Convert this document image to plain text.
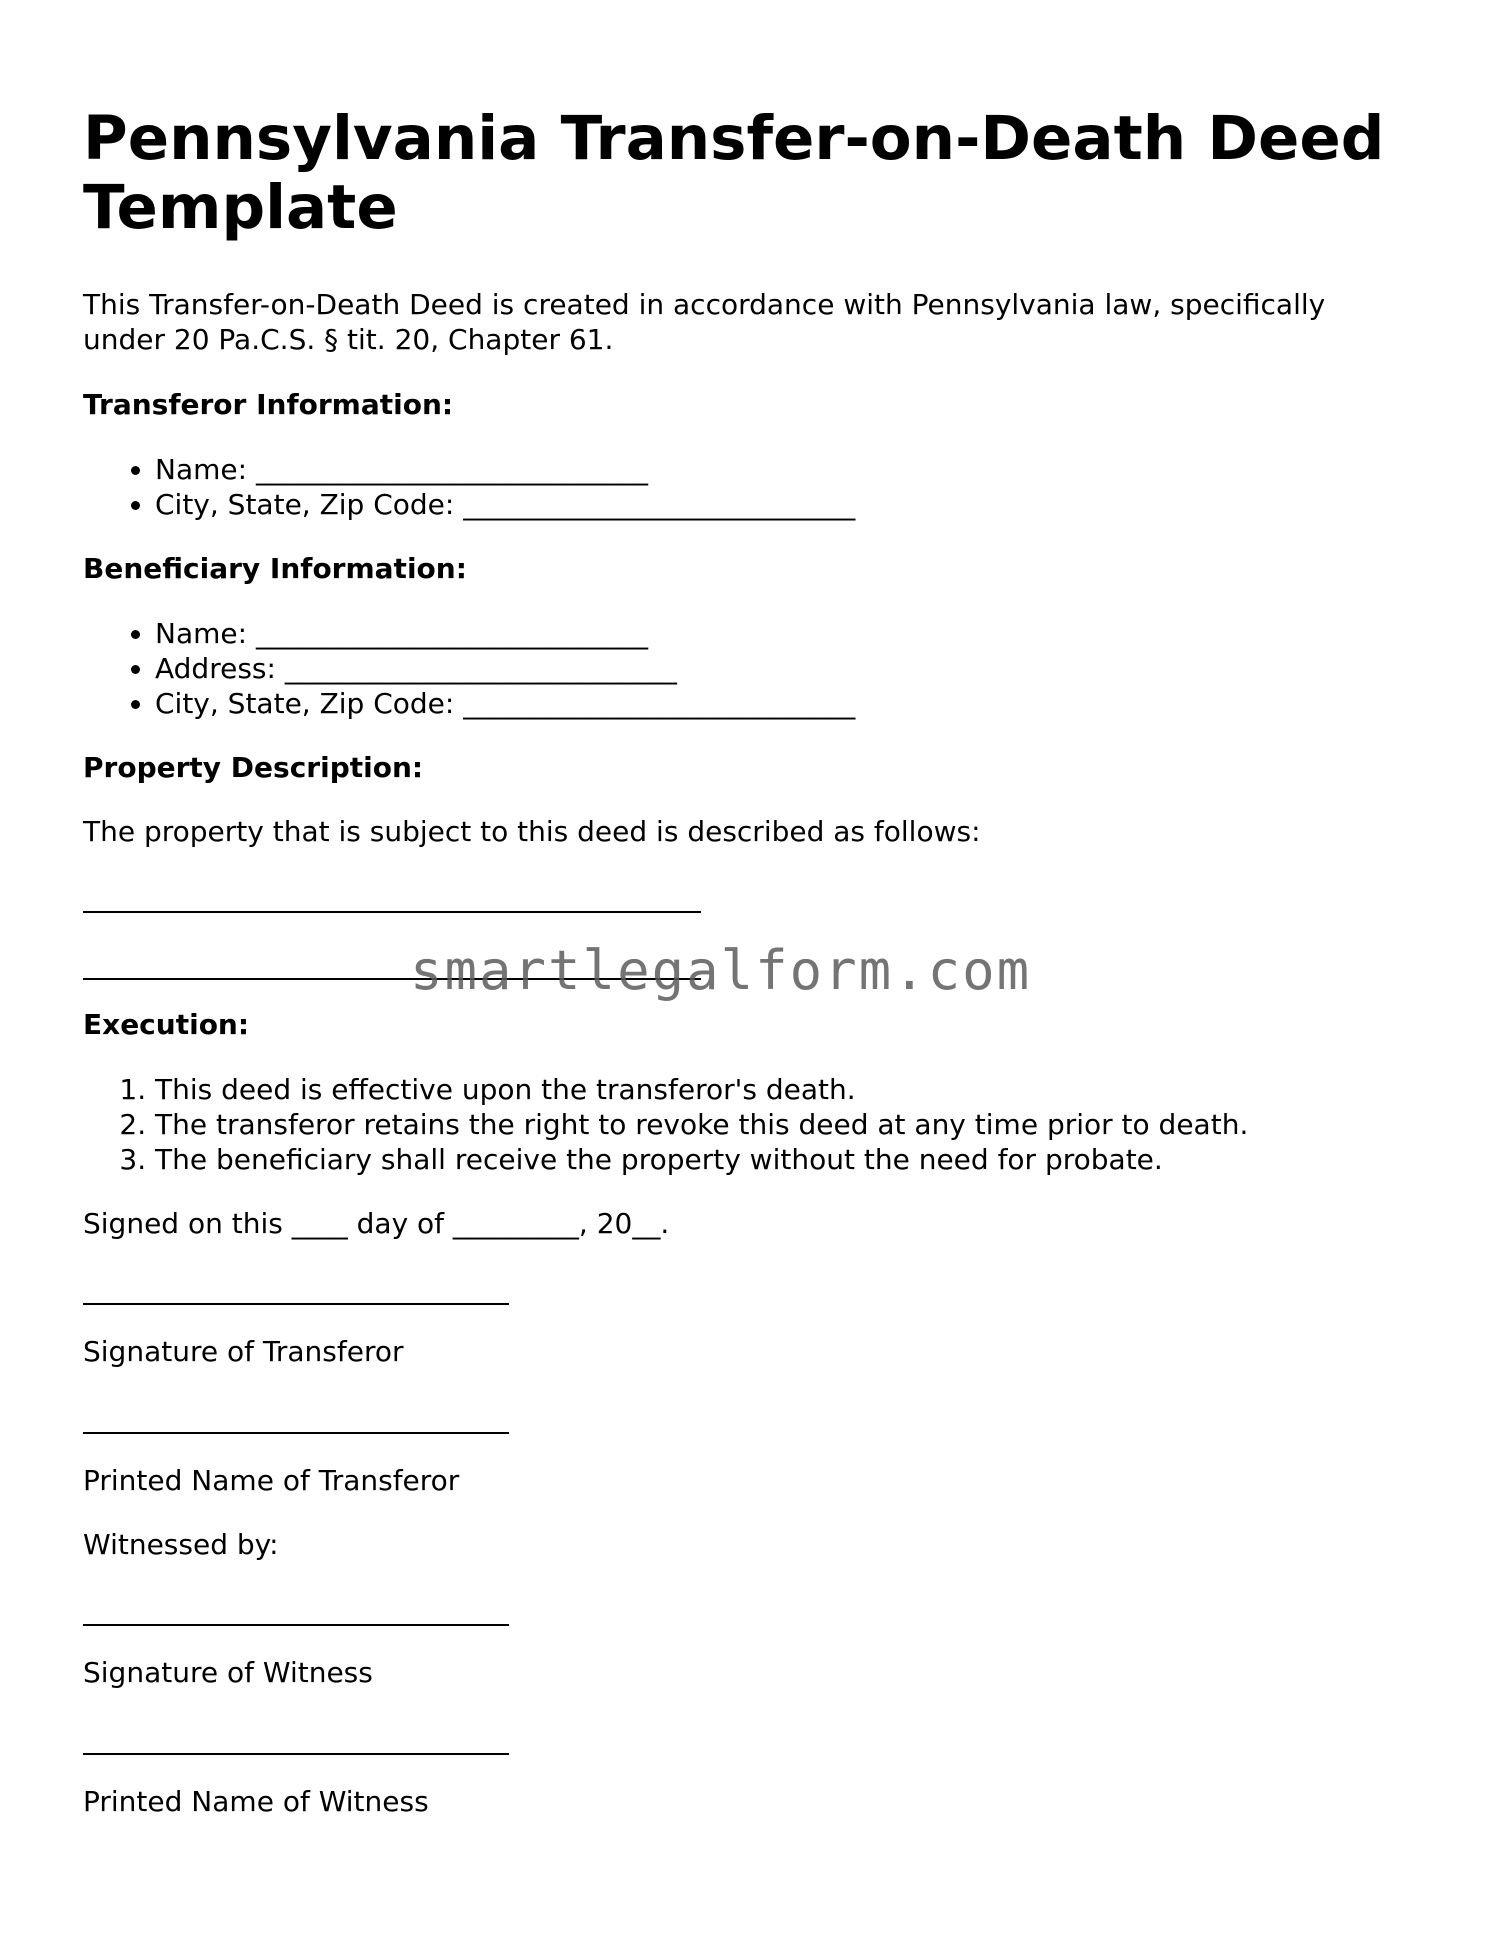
Pennsylvania Transfer-on-Death Deed Template

This Transfer-on-Death Deed is created in accordance with Pennsylvania law, specifically under 20 Pa.C.S. § tit. 20, Chapter 61.

Transferor Information:

• Name: ____________________________
• City, State, Zip Code: ____________________________

Beneficiary Information:

• Name: ____________________________
• Address: ____________________________
• City, State, Zip Code: ____________________________

Property Description:

The property that is subject to this deed is described as follows:

Execution:

1. This deed is effective upon the transferor's death.
2. The transferor retains the right to revoke this deed at any time prior to death.
3. The beneficiary shall receive the property without the need for probate.

Signed on this ____ day of _________, 20__.

Signature of Transferor

Printed Name of Transferor

Witnessed by:

Signature of Witness

Printed Name of Witness

smartlegalform.com
